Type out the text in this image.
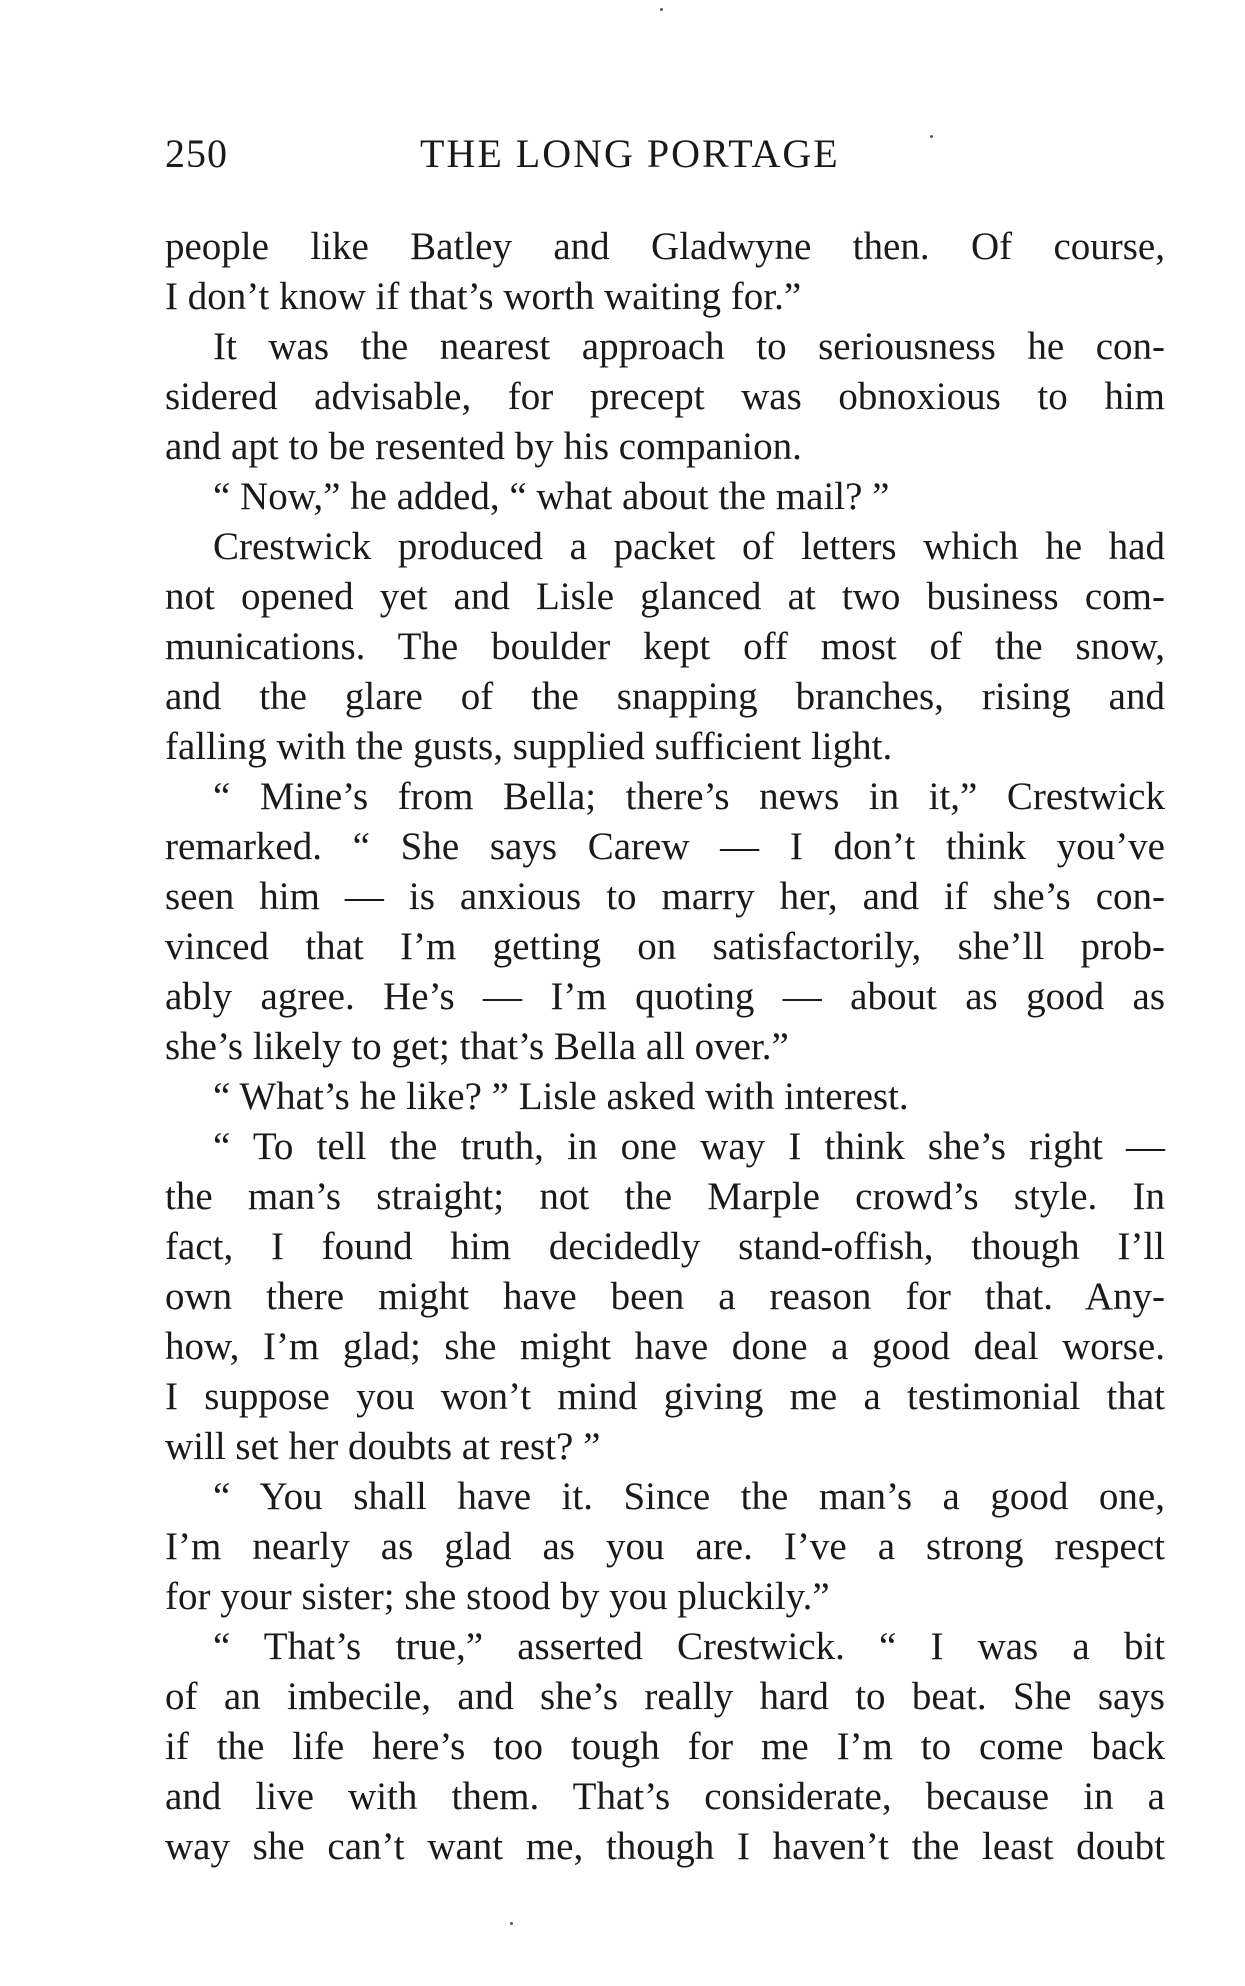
250	THE LONG PORTAGE
people like Batley and Gladwyne then. Of course,
I don’t know if that’s worth waiting for.”
It was the nearest approach to seriousness he con-
sidered advisable, for precept was obnoxious to him
and apt to be resented by his companion.
“ Now,” he added, “ what about the mail? ”
Crestwick produced a packet of letters which he had
not opened yet and Lisle glanced at two business com-
munications. The boulder kept off most of the snow,
and the glare of the snapping branches, rising and
falling with the gusts, supplied sufficient light.
“ Mine’s from Bella; there’s news in it,” Crestwick
remarked. “ She says Carew — I don’t think you’ve
seen him — is anxious to marry her, and if she’s con-
vinced that I’m getting on satisfactorily, she’ll prob-
ably agree. He’s — I’m quoting — about as good as
she’s likely to get; that’s Bella all over.”
“ What’s he like? ” Lisle asked with interest.
“ To tell the truth, in one way I think she’s right —
the man’s straight; not the Marple crowd’s style. In
fact, I found him decidedly stand-offish, though I’ll
own there might have been a reason for that. Any-
how, I’m glad; she might have done a good deal worse.
I suppose you won’t mind giving me a testimonial that
will set her doubts at rest? ”
“ You shall have it. Since the man’s a good one,
I’m nearly as glad as you are. I’ve a strong respect
for your sister; she stood by you pluckily.”
“ That’s true,” asserted Crestwick. “ I was a bit
of an imbecile, and she’s really hard to beat. She says
if the life here’s too tough for me I’m to come back
and live with them. That’s considerate, because in a
way she can’t want me, though I haven’t the least doubt
